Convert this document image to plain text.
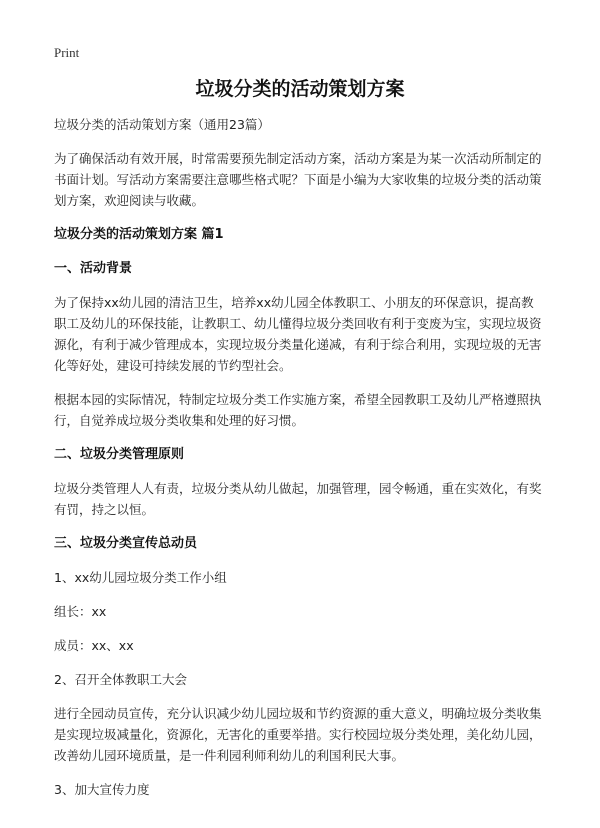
Print
垃圾分类的活动策划方案

垃圾分类的活动策划方案（通用23篇）

为了确保活动有效开展，时常需要预先制定活动方案，活动方案是为某一次活动所制定的书面计划。写活动方案需要注意哪些格式呢？下面是小编为大家收集的垃圾分类的活动策划方案，欢迎阅读与收藏。

垃圾分类的活动策划方案 篇1
一、活动背景

为了保持xx幼儿园的清洁卫生，培养xx幼儿园全体教职工、小朋友的环保意识，提高教职工及幼儿的环保技能，让教职工、幼儿懂得垃圾分类回收有利于变废为宝，实现垃圾资源化，有利于减少管理成本，实现垃圾分类量化递减，有利于综合利用，实现垃圾的无害化等好处，建设可持续发展的节约型社会。

根据本园的实际情况，特制定垃圾分类工作实施方案，希望全园教职工及幼儿严格遵照执行，自觉养成垃圾分类收集和处理的好习惯。

二、垃圾分类管理原则

垃圾分类管理人人有责，垃圾分类从幼儿做起，加强管理，园令畅通，重在实效化，有奖有罚，持之以恒。

三、垃圾分类宣传总动员

1、xx幼儿园垃圾分类工作小组

组长：xx

成员：xx、xx

2、召开全体教职工大会

进行全园动员宣传，充分认识减少幼儿园垃圾和节约资源的重大意义，明确垃圾分类收集是实现垃圾减量化，资源化，无害化的重要举措。实行校园垃圾分类处理，美化幼儿园，改善幼儿园环境质量，是一件利园利师利幼儿的利国利民大事。

3、加大宣传力度
